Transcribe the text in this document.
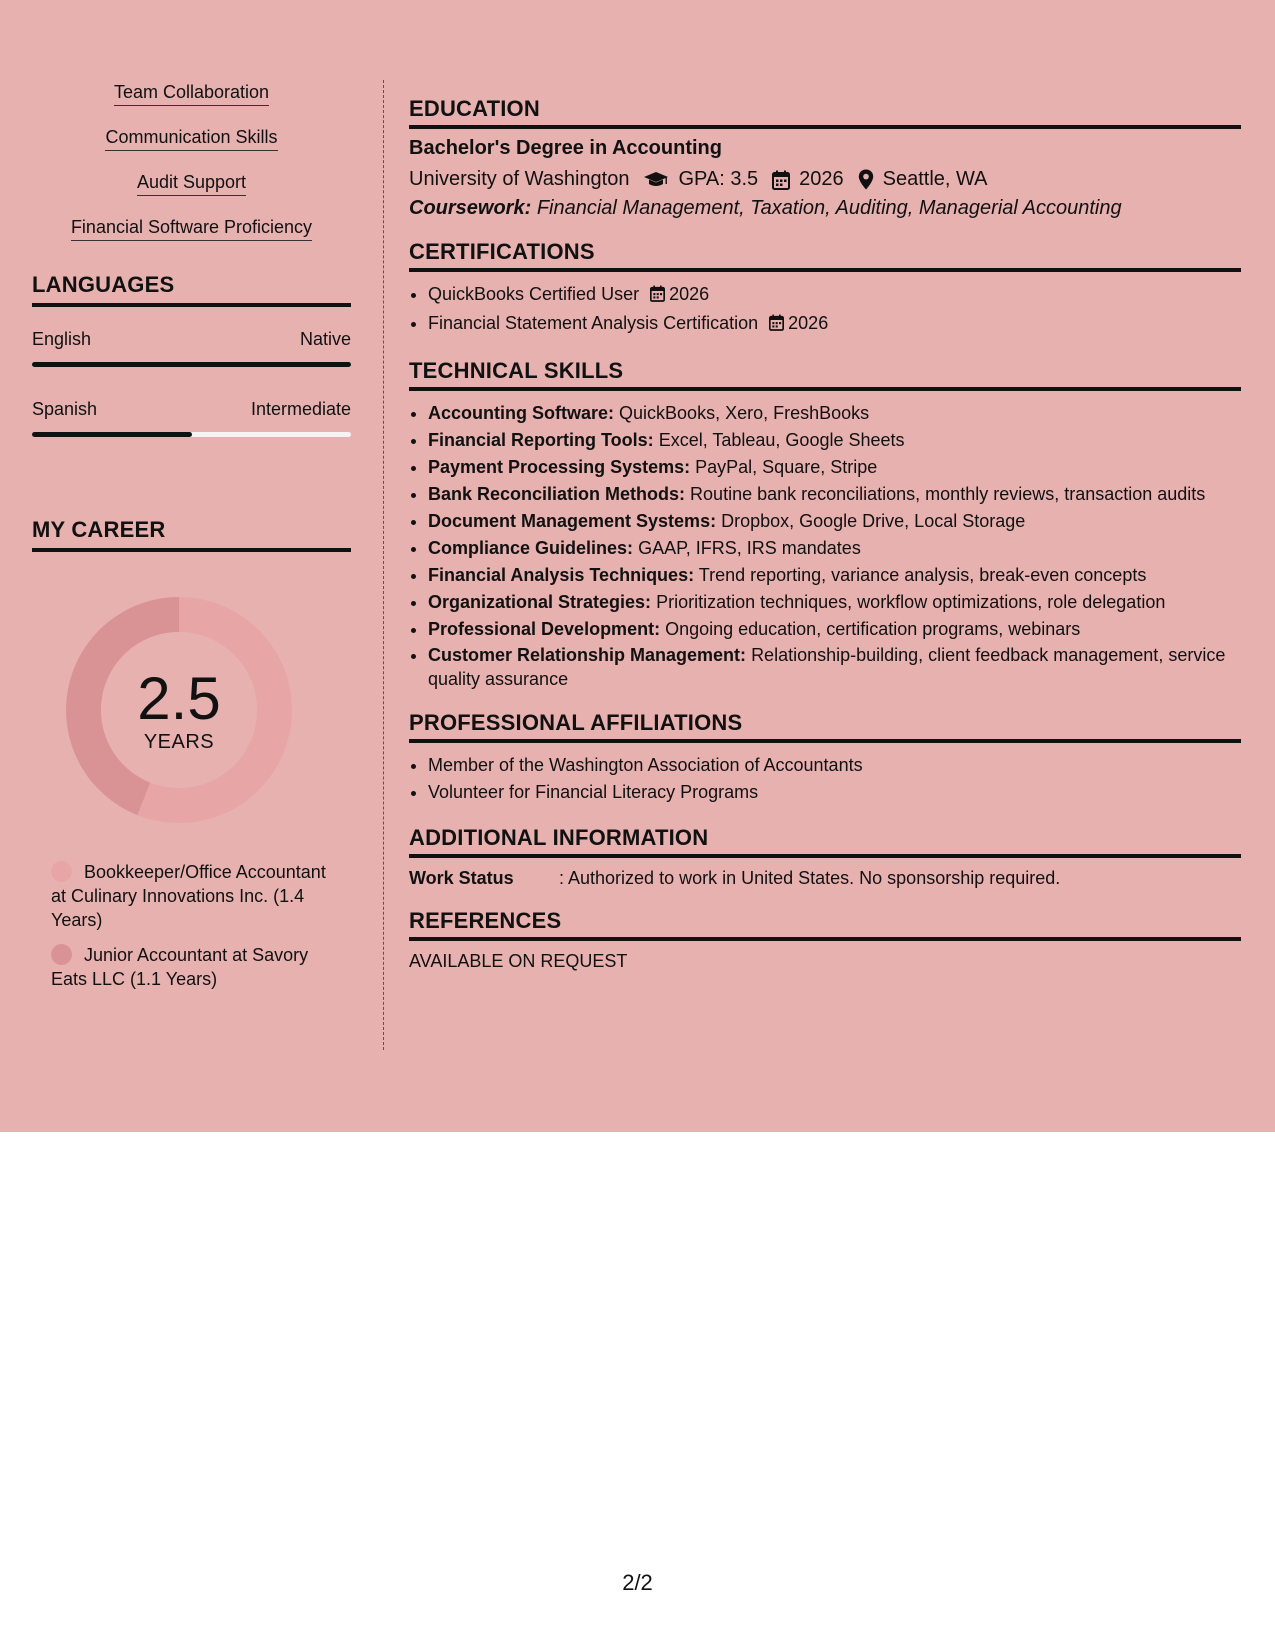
Team Collaboration
Communication Skills
Audit Support
Financial Software Proficiency
LANGUAGES
English	Native
Spanish	Intermediate
MY CAREER
2.5
YEARS
Bookkeeper/Office Accountant at Culinary Innovations Inc. (1.4 Years)
Junior Accountant at Savory Eats LLC (1.1 Years)
EDUCATION
Bachelor's Degree in Accounting
University of Washington GPA: 3.5 2026 Seattle, WA
Coursework: Financial Management, Taxation, Auditing, Managerial Accounting
CERTIFICATIONS
• QuickBooks Certified User 2026
• Financial Statement Analysis Certification 2026
TECHNICAL SKILLS
• Accounting Software: QuickBooks, Xero, FreshBooks
• Financial Reporting Tools: Excel, Tableau, Google Sheets
• Payment Processing Systems: PayPal, Square, Stripe
• Bank Reconciliation Methods: Routine bank reconciliations, monthly reviews, transaction audits
• Document Management Systems: Dropbox, Google Drive, Local Storage
• Compliance Guidelines: GAAP, IFRS, IRS mandates
• Financial Analysis Techniques: Trend reporting, variance analysis, break-even concepts
• Organizational Strategies: Prioritization techniques, workflow optimizations, role delegation
• Professional Development: Ongoing education, certification programs, webinars
• Customer Relationship Management: Relationship-building, client feedback management, service quality assurance
PROFESSIONAL AFFILIATIONS
• Member of the Washington Association of Accountants
• Volunteer for Financial Literacy Programs
ADDITIONAL INFORMATION
Work Status	: Authorized to work in United States. No sponsorship required.
REFERENCES
AVAILABLE ON REQUEST
2/2
